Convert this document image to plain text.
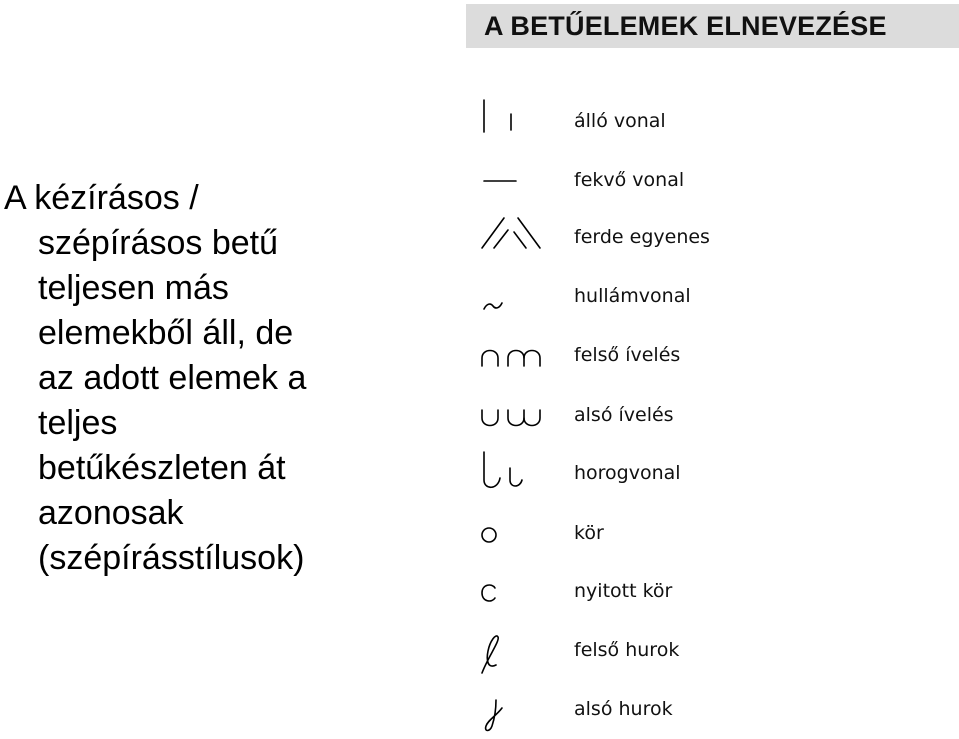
A BETŰELEMEK ELNEVEZÉSE
A kézírásos /
szépírásos betű
teljesen más
elemekből áll, de
az adott elemek a
teljes
betűkészleten át
azonosak
(szépírásstílusok)
álló vonal
fekvő vonal
ferde egyenes
hullámvonal
felső ívelés
alsó ívelés
horogvonal
kör
nyitott kör
felső hurok
alsó hurok
